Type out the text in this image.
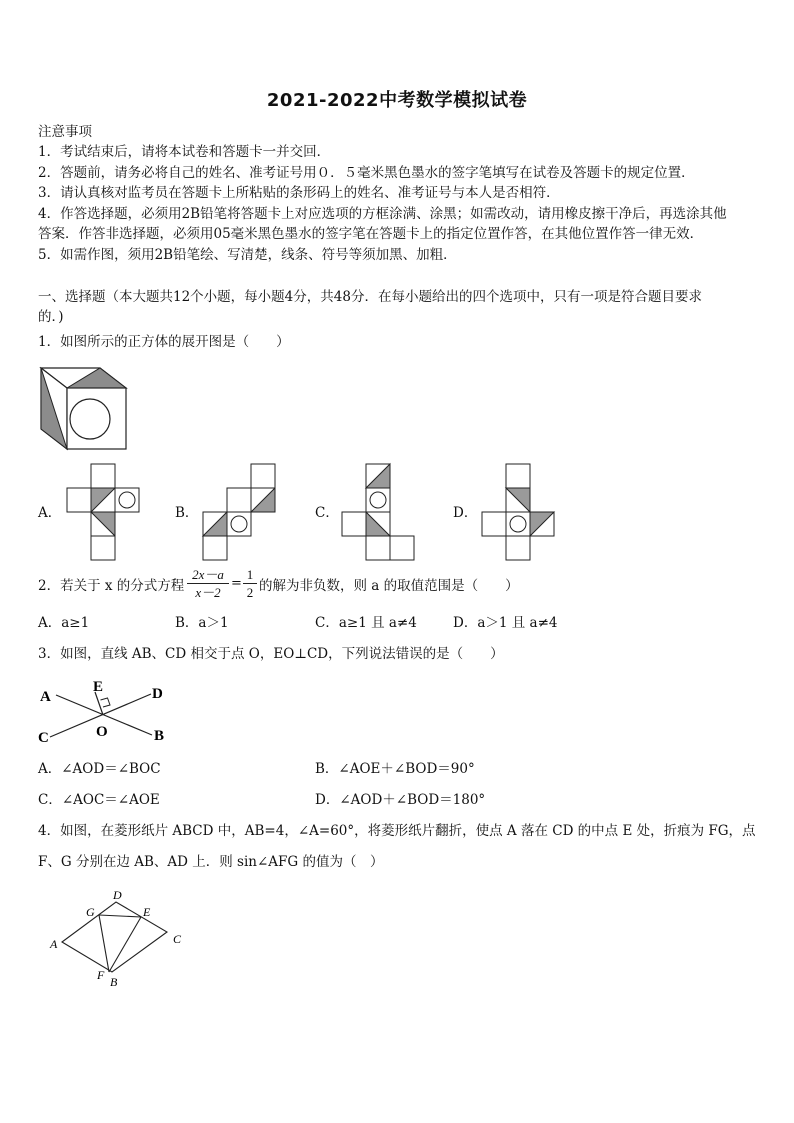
2021-2022中考数学模拟试卷
注意事项
1．考试结束后，请将本试卷和答题卡一并交回．
2．答题前，请务必将自己的姓名、准考证号用０．５毫米黑色墨水的签字笔填写在试卷及答题卡的规定位置．
3．请认真核对监考员在答题卡上所粘贴的条形码上的姓名、准考证号与本人是否相符．
4．作答选择题，必须用2B铅笔将答题卡上对应选项的方框涂满、涂黑；如需改动，请用橡皮擦干净后，再选涂其他
答案．作答非选择题，必须用05毫米黑色墨水的签字笔在答题卡上的指定位置作答，在其他位置作答一律无效．
5．如需作图，须用2B铅笔绘、写清楚，线条、符号等须加黑、加粗．
一、选择题（本大题共12个小题，每小题4分，共48分．在每小题给出的四个选项中，只有一项是符合题目要求
的．)
1．如图所示的正方体的展开图是（　　）
A．	B．	C．	D．
2．若关于 x 的分式方程
2x－a
x－2
=
1
2 的解为非负数，则 a 的取值范围是（　　）
A．a≥1	B．a＞1	C．a≥1 且 a≠4	D．a＞1 且 a≠4
3．如图，直线 AB、CD 相交于点 O，EO⊥CD，下列说法错误的是（　　）
A
E	D
C	O	B
A．∠AOD＝∠BOC	B．∠AOE＋∠BOD＝90°
C．∠AOC＝∠AOE	D．∠AOD＋∠BOD＝180°
4．如图，在菱形纸片 ABCD 中，AB=4，∠A=60°，将菱形纸片翻折，使点 A 落在 CD 的中点 E 处，折痕为 FG，点
F、G 分别在边 AB、AD 上．则 sin∠AFG 的值为（　）
A
D
G	E
C
F B
